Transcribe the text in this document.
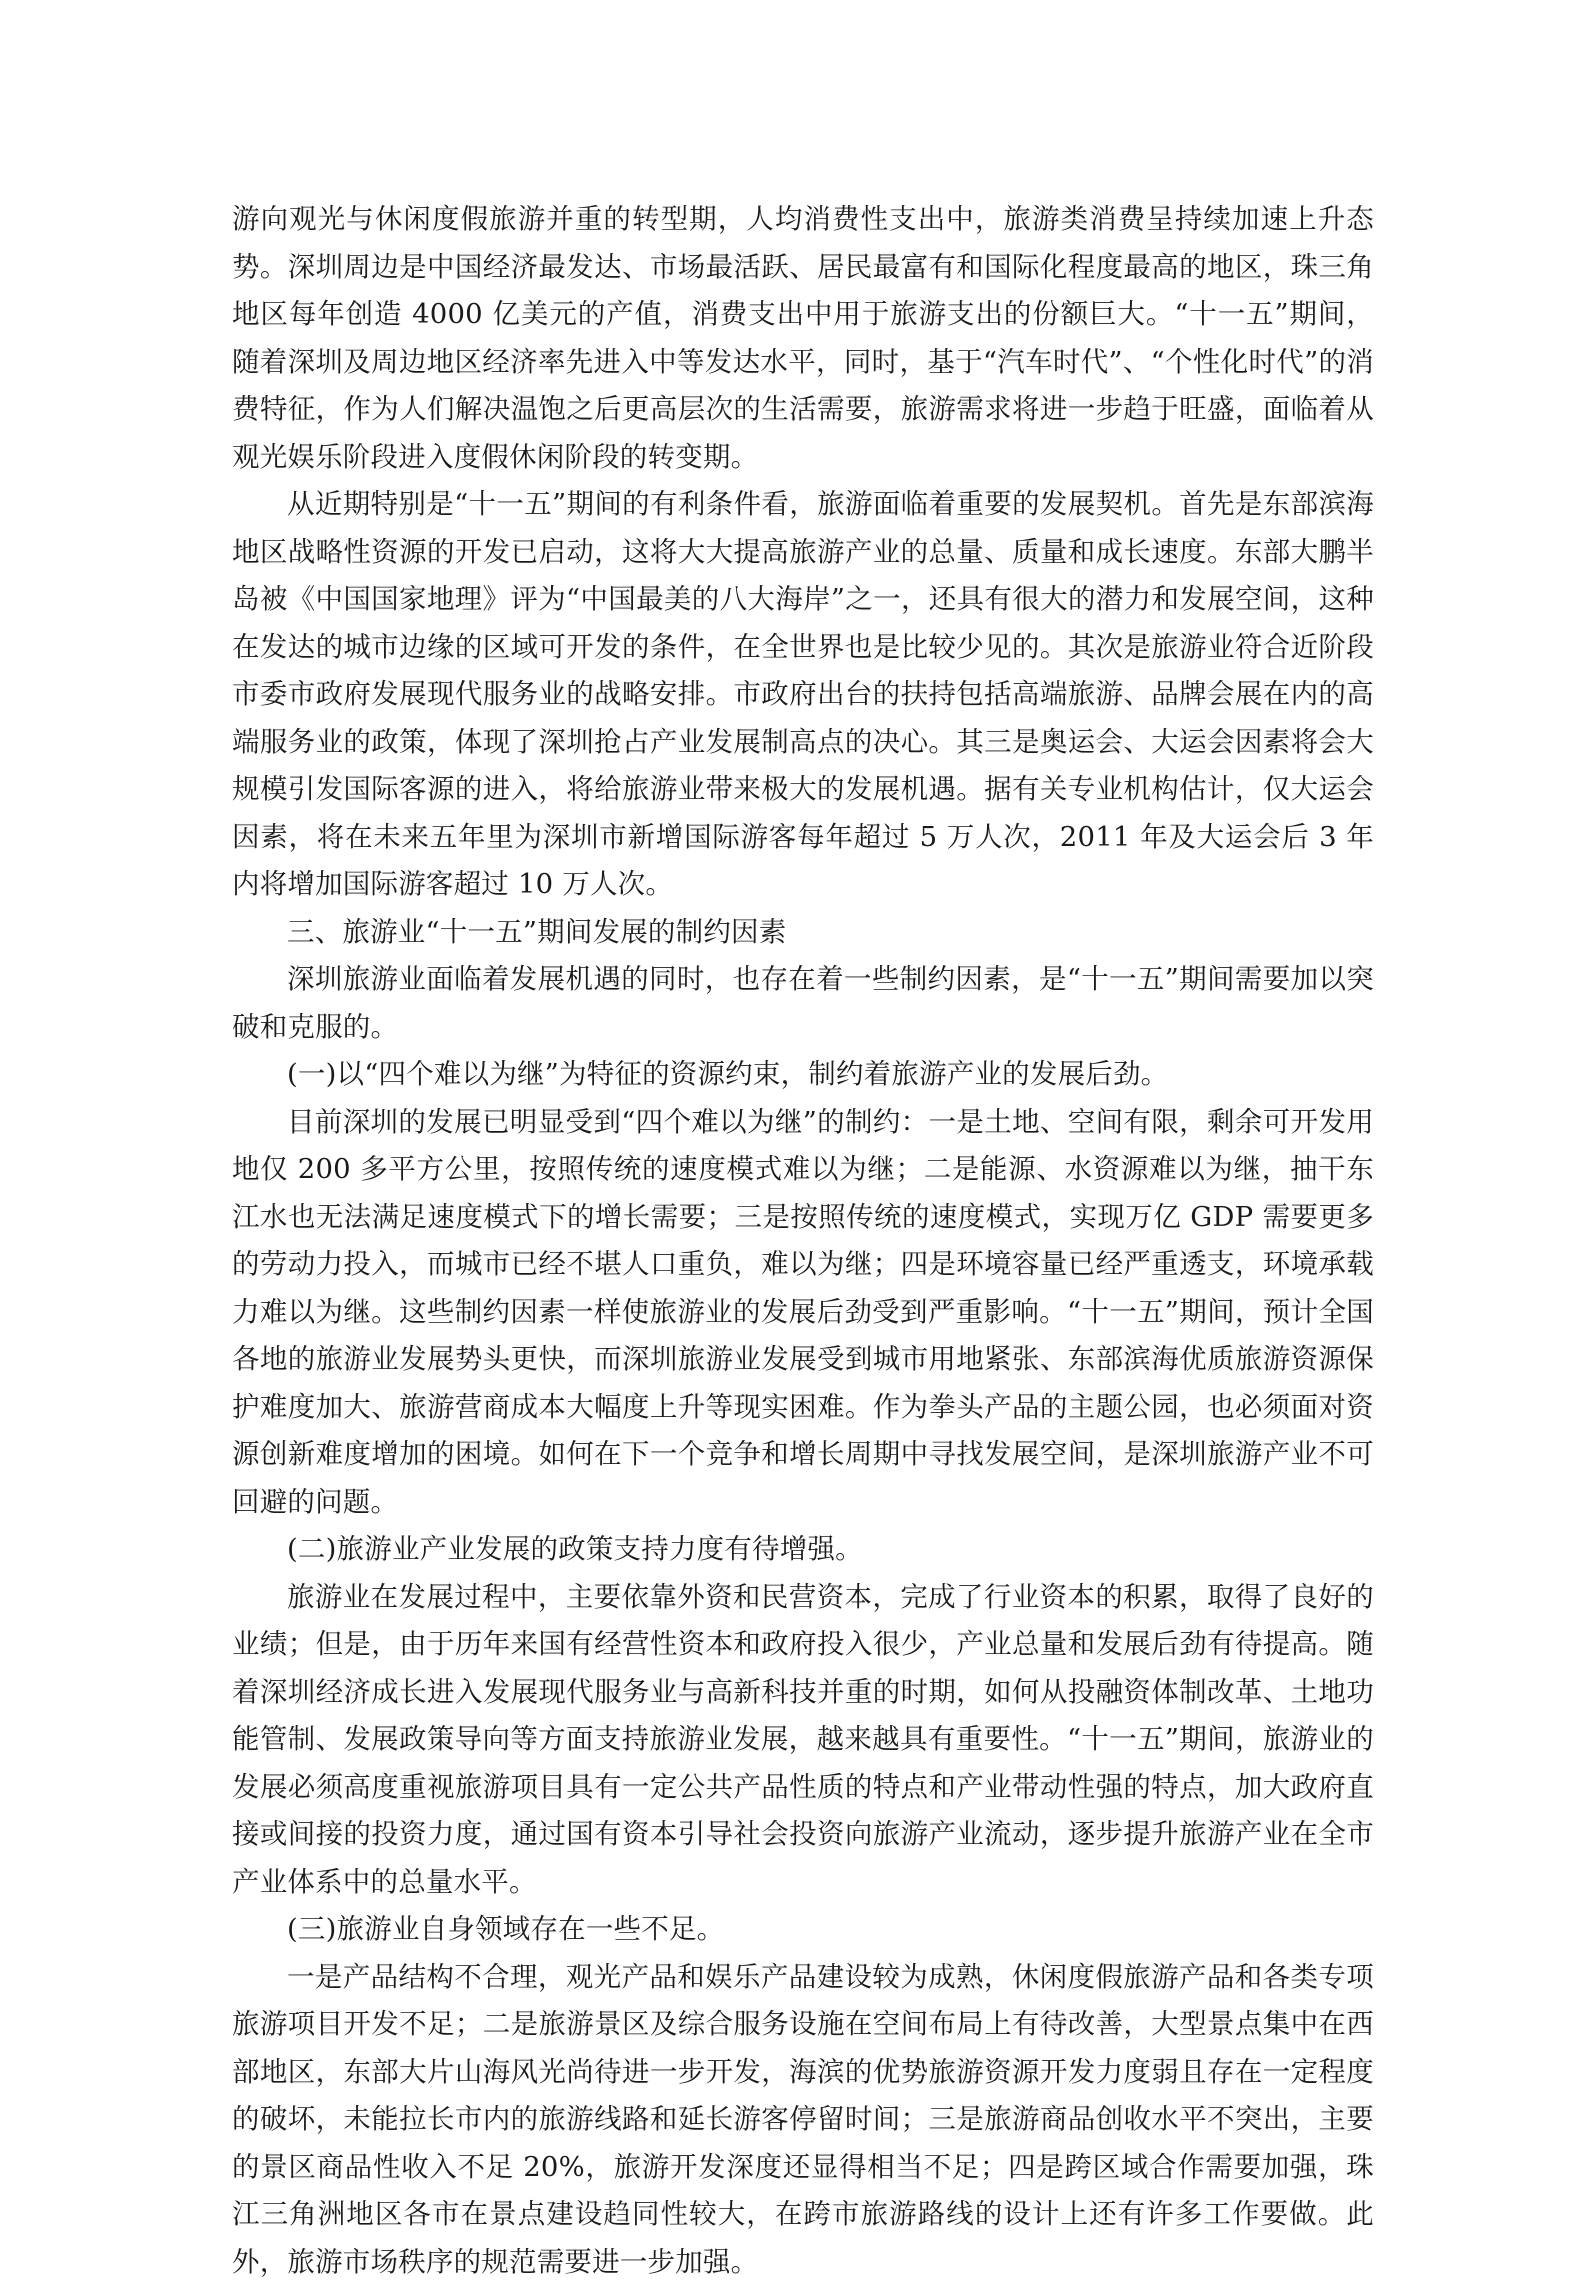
游向观光与休闲度假旅游并重的转型期，人均消费性支出中，旅游类消费呈持续加速上升态势。深圳周边是中国经济最发达、市场最活跃、居民最富有和国际化程度最高的地区，珠三角地区每年创造 4000 亿美元的产值，消费支出中用于旅游支出的份额巨大。“十一五”期间，随着深圳及周边地区经济率先进入中等发达水平，同时，基于“汽车时代”、“个性化时代”的消费特征，作为人们解决温饱之后更高层次的生活需要，旅游需求将进一步趋于旺盛，面临着从观光娱乐阶段进入度假休闲阶段的转变期。

从近期特别是“十一五”期间的有利条件看，旅游面临着重要的发展契机。首先是东部滨海地区战略性资源的开发已启动，这将大大提高旅游产业的总量、质量和成长速度。东部大鹏半岛被《中国国家地理》评为“中国最美的八大海岸”之一，还具有很大的潜力和发展空间，这种在发达的城市边缘的区域可开发的条件，在全世界也是比较少见的。其次是旅游业符合近阶段市委市政府发展现代服务业的战略安排。市政府出台的扶持包括高端旅游、品牌会展在内的高端服务业的政策，体现了深圳抢占产业发展制高点的决心。其三是奥运会、大运会因素将会大规模引发国际客源的进入，将给旅游业带来极大的发展机遇。据有关专业机构估计，仅大运会因素，将在未来五年里为深圳市新增国际游客每年超过 5 万人次，2011 年及大运会后 3 年内将增加国际游客超过 10 万人次。

三、旅游业“十一五”期间发展的制约因素

深圳旅游业面临着发展机遇的同时，也存在着一些制约因素，是“十一五”期间需要加以突破和克服的。

(一)以“四个难以为继”为特征的资源约束，制约着旅游产业的发展后劲。

目前深圳的发展已明显受到“四个难以为继”的制约：一是土地、空间有限，剩余可开发用地仅 200 多平方公里，按照传统的速度模式难以为继；二是能源、水资源难以为继，抽干东江水也无法满足速度模式下的增长需要；三是按照传统的速度模式，实现万亿 GDP 需要更多的劳动力投入，而城市已经不堪人口重负，难以为继；四是环境容量已经严重透支，环境承载力难以为继。这些制约因素一样使旅游业的发展后劲受到严重影响。“十一五”期间，预计全国各地的旅游业发展势头更快，而深圳旅游业发展受到城市用地紧张、东部滨海优质旅游资源保护难度加大、旅游营商成本大幅度上升等现实困难。作为拳头产品的主题公园，也必须面对资源创新难度增加的困境。如何在下一个竞争和增长周期中寻找发展空间，是深圳旅游产业不可回避的问题。

(二)旅游业产业发展的政策支持力度有待增强。

旅游业在发展过程中，主要依靠外资和民营资本，完成了行业资本的积累，取得了良好的业绩；但是，由于历年来国有经营性资本和政府投入很少，产业总量和发展后劲有待提高。随着深圳经济成长进入发展现代服务业与高新科技并重的时期，如何从投融资体制改革、土地功能管制、发展政策导向等方面支持旅游业发展，越来越具有重要性。“十一五”期间，旅游业的发展必须高度重视旅游项目具有一定公共产品性质的特点和产业带动性强的特点，加大政府直接或间接的投资力度，通过国有资本引导社会投资向旅游产业流动，逐步提升旅游产业在全市产业体系中的总量水平。

(三)旅游业自身领域存在一些不足。

一是产品结构不合理，观光产品和娱乐产品建设较为成熟，休闲度假旅游产品和各类专项旅游项目开发不足；二是旅游景区及综合服务设施在空间布局上有待改善，大型景点集中在西部地区，东部大片山海风光尚待进一步开发，海滨的优势旅游资源开发力度弱且存在一定程度的破坏，未能拉长市内的旅游线路和延长游客停留时间；三是旅游商品创收水平不突出，主要的景区商品性收入不足 20%，旅游开发深度还显得相当不足；四是跨区域合作需要加强，珠江三角洲地区各市在景点建设趋同性较大，在跨市旅游路线的设计上还有许多工作要做。此外，旅游市场秩序的规范需要进一步加强。
